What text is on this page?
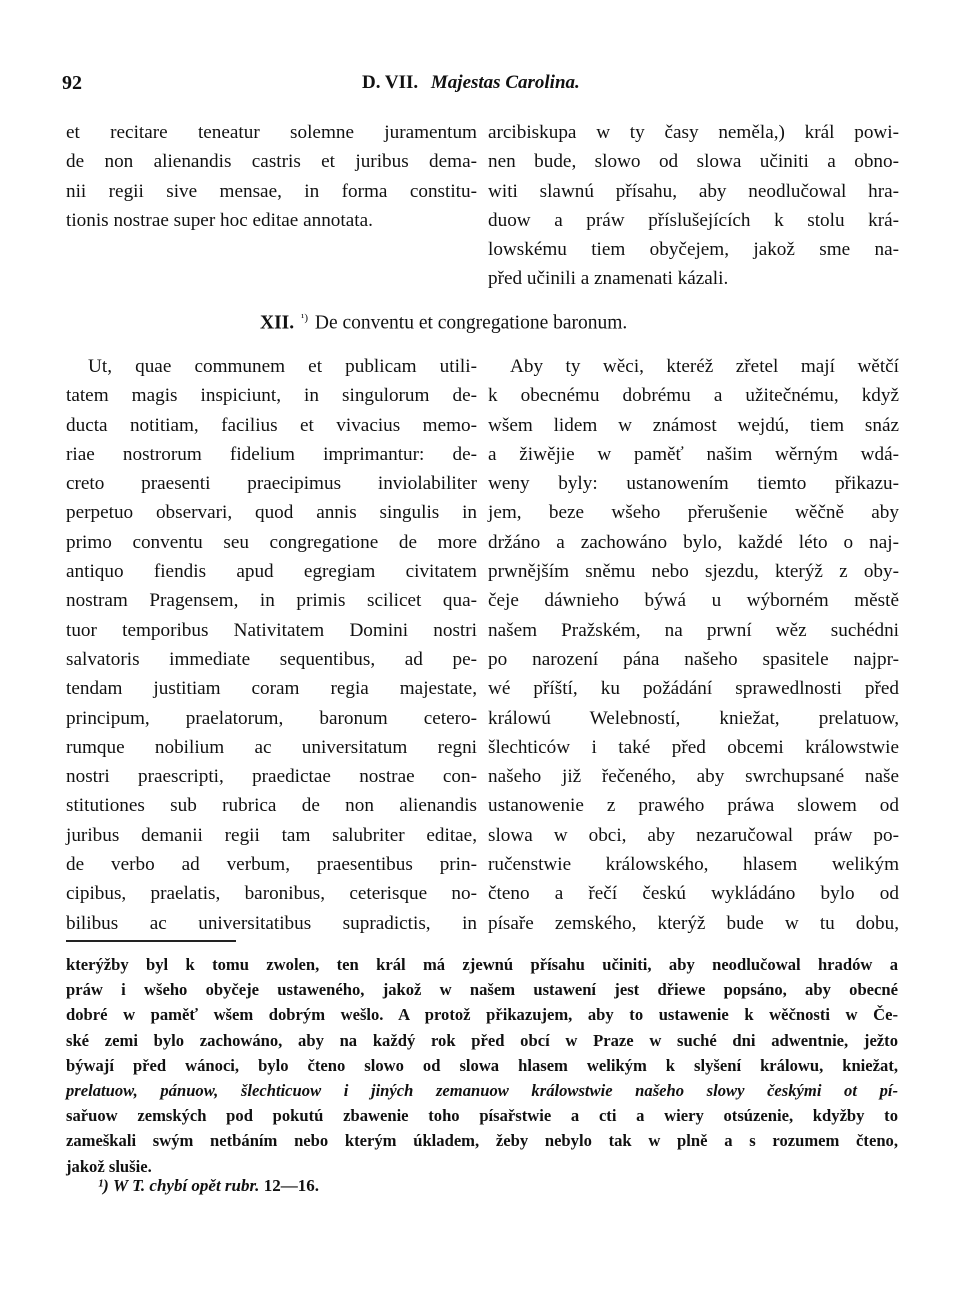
92	D. VII. Majestas Carolina.
et recitare teneatur solemne juramentum
de non alienandis castris et juribus dema-
nii regii sive mensae, in forma constitu-
tionis nostrae super hoc editae annotata.
arcibiskupa w ty časy neměla,) král powi-
nen bude, slowo od slowa učiniti a obno-
witi slawnú přísahu, aby neodlučowal hra-
duow a práw příslušejících k stolu krá-
lowskému tiem obyčejem, jakož sme na-
před učinili a znamenati kázali.
XII. $^{^1)}$ De conventu et congregatione baronum.
Ut, quae communem et publicam utili-
tatem magis inspiciunt, in singulorum de-
ducta notitiam, facilius et vivacius memo-
riae nostrorum fidelium imprimantur: de-
creto praesenti praecipimus inviolabiliter
perpetuo observari, quod annis singulis in
primo conventu seu congregatione de more
antiquo fiendis apud egregiam civitatem
nostram Pragensem, in primis scilicet qua-
tuor temporibus Nativitatem Domini nostri
salvatoris immediate sequentibus, ad pe-
tendam justitiam coram regia majestate,
principum, praelatorum, baronum cetero-
rumque nobilium ac universitatum regni
nostri praescripti, praedictae nostrae con-
stitutiones sub rubrica de non alienandis
juribus demanii regii tam salubriter editae,
de verbo ad verbum, praesentibus prin-
cipibus, praelatis, baronibus, ceterisque no-
bilibus ac universitatibus supradictis, in
Aby ty wěci, kteréž zřetel mají wětčí
k obecnému dobrému a užitečnému, když
wšem lidem w známost wejdú, tiem snáz
a žiwějie w paměť našim wěrným wdá-
weny byly: ustanowením tiemto přikazu-
jem, beze wšeho přerušenie wěčně aby
držáno a zachowáno bylo, každé léto o naj-
prwnějším sněmu nebo sjezdu, kterýž z oby-
čeje dáwnieho býwá u wýborném městě
našem Pražském, na prwní wěz suchédni
po narození pána našeho spasitele najpr-
wé příští, ku požádání sprawedlnosti před
králowú Welebností, kniežat, prelatuow,
šlechticów i také před obcemi králowstwie
našeho již řečeného, aby swrchupsané naše
ustanowenie z prawého práwa slowem od
slowa w obci, aby nezaručowal práw po-
ručenstwie králowského, hlasem welikým
čteno a řečí českú wykládáno bylo od
písaře zemského, kterýž bude w tu dobu,
kterýžby byl k tomu zwolen, ten král má zjewnú přísahu učiniti, aby neodlučowal hradów a
práw i wšeho obyčeje ustaweného, jakož w našem ustawení jest dřiewe popsáno, aby obecné
dobré w paměť wšem dobrým wešlo. A protož přikazujem, aby to ustawenie k wěčnosti w Če-
ské zemi bylo zachowáno, aby na každý rok před obcí w Praze w suché dni adwentnie, ježto
býwají před wánoci, bylo čteno slowo od slowa hlasem welikým k slyšení králowu, kniežat,
prelatuow, pánuow, šlechticuow i jiných zemanuow králowstwie našeho slowy českými ot pí-
sařuow zemských pod pokutú zbawenie toho písařstwie a cti a wiery otsúzenie, kdyžby to
zameškali swým netbáním nebo kterým úkladem, žeby nebylo tak w plně a s rozumem čteno,
jakož slušie.
¹) W T. chybí opět rubr. 12—16.
